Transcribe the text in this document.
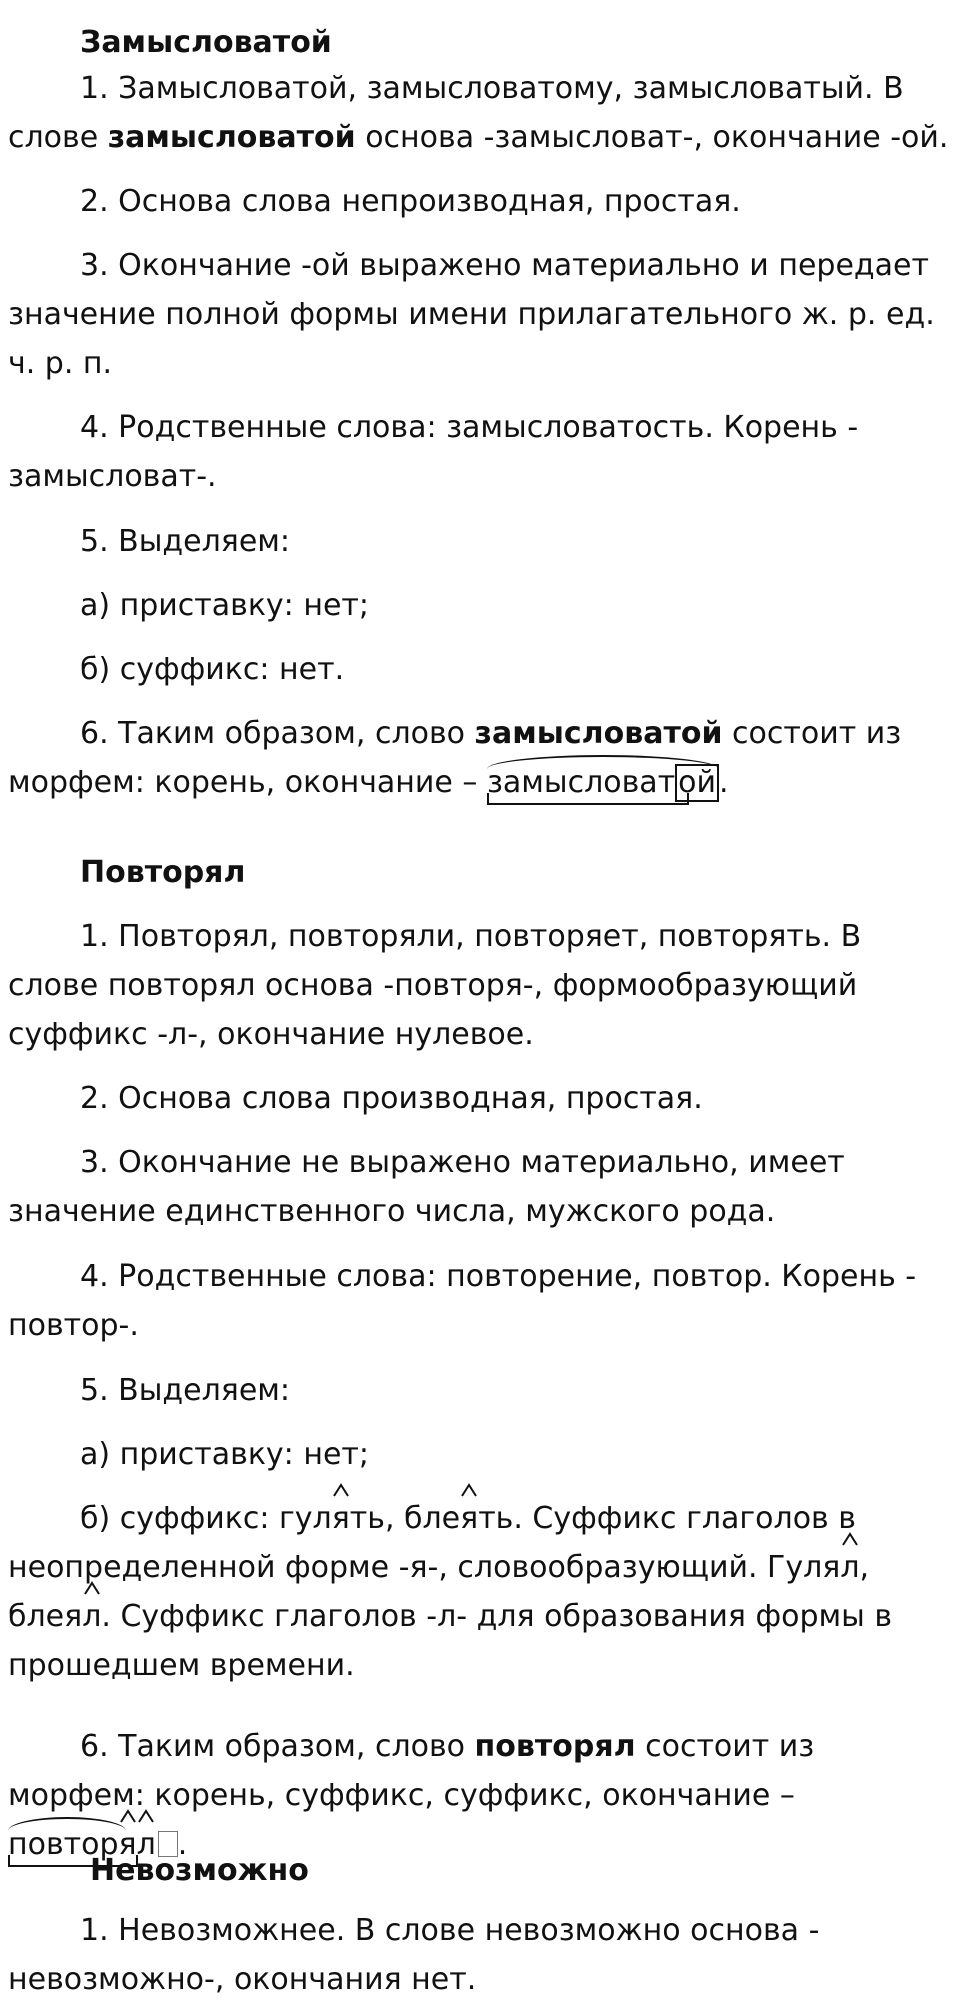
Замысловатой

1. Замысловатой, замысловатому, замысловатый. В

слове замысловатой основа -замысловат-, окончание -ой.

2. Основа слова непроизводная, простая.

3. Окончание -ой выражено материально и передает значение полной формы имени прилагательного ж. р. ед. ч. р. п.

4. Родственные слова: замысловатость. Корень - замысловат-.

5. Выделяем:

а) приставку: нет;

б) суффикс: нет.

6. Таким образом, слово замысловатой состоит из морфем: корень, окончание –
замысловат ой .

Повторял

1. Повторял, повторяли, повторяет, повторять. В слове повторял основа -повторя-, формообразующий суффикс -л-, окончание нулевое.

2. Основа слова производная, простая.

3. Окончание не выражено материально, имеет значение единственного числа, мужского рода.

4. Родственные слова: повторение, повтор. Корень - повтор-.

5. Выделяем:

а) приставку: нет;

б) суффикс: гул
ять, бле
ять. Суффикс глаголов в неопределенной форме -я-, словообразующий. Гуля
л, блея
л. Суффикс глаголов -л- для образования формы в прошедшем времени.

6. Таким образом, слово повторял состоит из морфем: корень, суффикс, суффикс, окончание –
повтор
я
л .

Невозможно

1. Невозможнее. В слове невозможно основа - невозможно-, окончания нет.
